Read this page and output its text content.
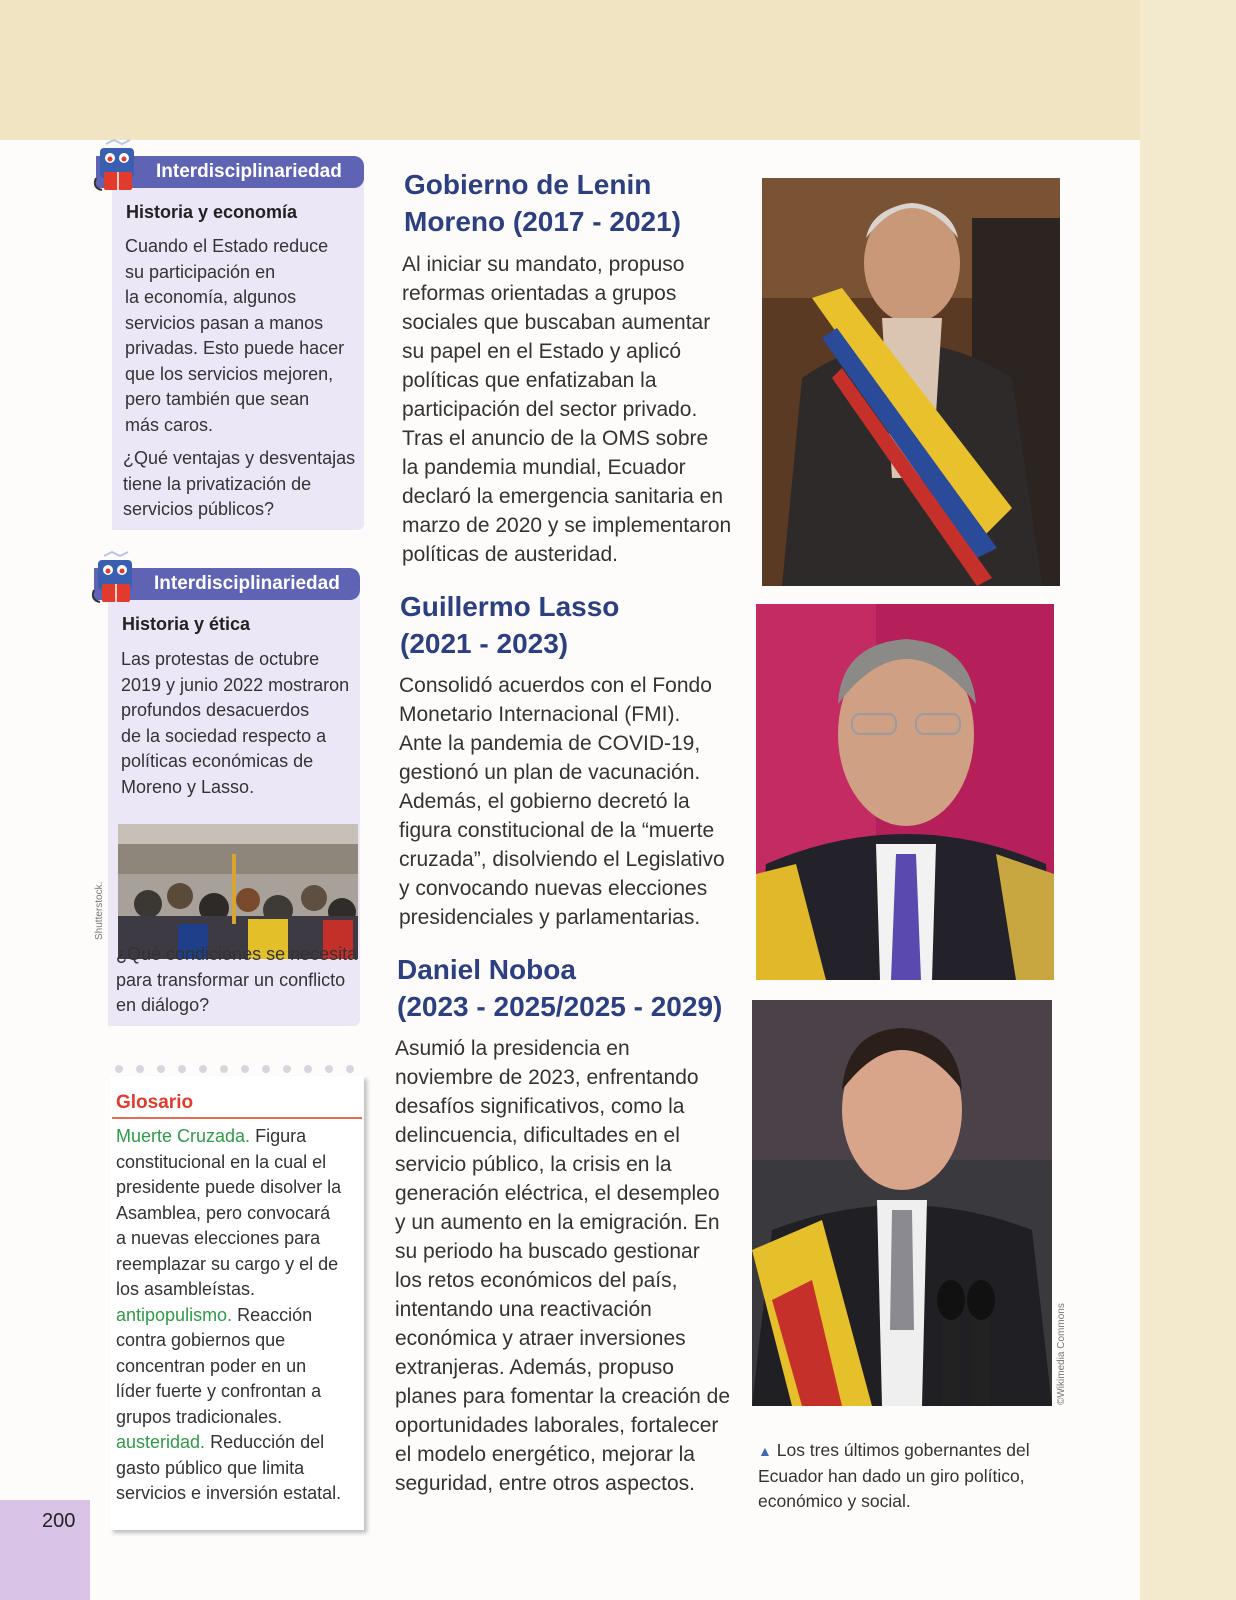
Interdisciplinariedad
Historia y economía
Cuando el Estado reduce
su participación en
la economía, algunos
servicios pasan a manos
privadas. Esto puede hacer
que los servicios mejoren,
pero también que sean
más caros.
¿Qué ventajas y desventajas
tiene la privatización de
servicios públicos?
Interdisciplinariedad
Historia y ética
Las protestas de octubre
2019 y junio 2022 mostraron
profundos desacuerdos
de la sociedad respecto a
políticas económicas de
Moreno y Lasso.
Shutterstock.
¿Qué condiciones se necesita
para transformar un conflicto
en diálogo?
Glosario
Muerte Cruzada. Figura
constitucional en la cual el
presidente puede disolver la
Asamblea, pero convocará
a nuevas elecciones para
reemplazar su cargo y el de
los asambleístas.
antipopulismo. Reacción
contra gobiernos que
concentran poder en un
líder fuerte y confrontan a
grupos tradicionales.
austeridad. Reducción del
gasto público que limita
servicios e inversión estatal.
Gobierno de Lenin
Moreno (2017 - 2021)
Al iniciar su mandato, propuso
reformas orientadas a grupos
sociales que buscaban aumentar
su papel en el Estado y aplicó
políticas que enfatizaban la
participación del sector privado.
Tras el anuncio de la OMS sobre
la pandemia mundial, Ecuador
declaró la emergencia sanitaria en
marzo de 2020 y se implementaron
políticas de austeridad.
Guillermo Lasso
(2021 - 2023)
Consolidó acuerdos con el Fondo
Monetario Internacional (FMI).
Ante la pandemia de COVID-19,
gestionó un plan de vacunación.
Además, el gobierno decretó la
figura constitucional de la “muerte
cruzada”, disolviendo el Legislativo
y convocando nuevas elecciones
presidenciales y parlamentarias.
Daniel Noboa
(2023 - 2025/2025 - 2029)
Asumió la presidencia en
noviembre de 2023, enfrentando
desafíos significativos, como la
delincuencia, dificultades en el
servicio público, la crisis en la
generación eléctrica, el desempleo
y un aumento en la emigración. En
su periodo ha buscado gestionar
los retos económicos del país,
intentando una reactivación
económica y atraer inversiones
extranjeras. Además, propuso
planes para fomentar la creación de
oportunidades laborales, fortalecer
el modelo energético, mejorar la
seguridad, entre otros aspectos.
©Wikimedia Commons
▲ Los tres últimos gobernantes del
Ecuador han dado un giro político,
económico y social.
200
